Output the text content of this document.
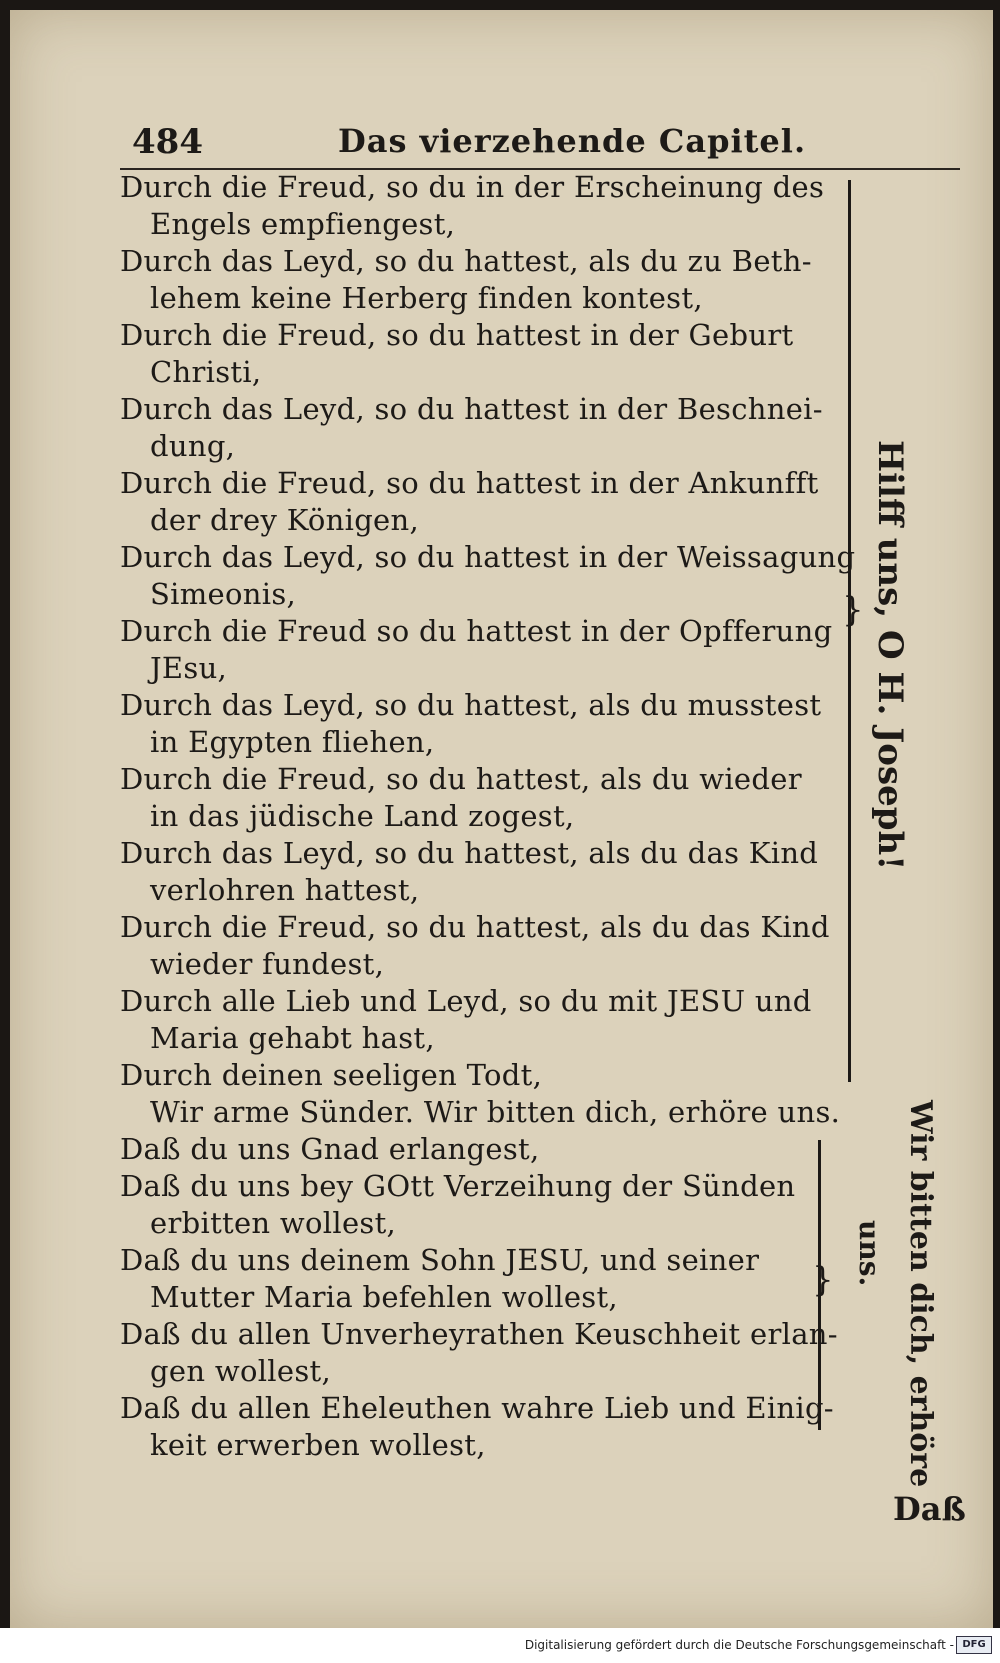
484	Das vierzehende Capitel.
Durch die Freud, so du in der Erscheinung des
Engels empfiengest,
Durch das Leyd, so du hattest, als du zu Beth-
lehem keine Herberg finden kontest,
Durch die Freud, so du hattest in der Geburt
Christi,
Durch das Leyd, so du hattest in der Beschnei-
dung,
Durch die Freud, so du hattest in der Ankunfft
der drey Königen,
Durch das Leyd, so du hattest in der Weissagung
Simeonis,
Durch die Freud so du hattest in der Opfferung
JEsu,
Durch das Leyd, so du hattest, als du musstest
in Egypten fliehen,
Durch die Freud, so du hattest, als du wieder
in das jüdische Land zogest,
Durch das Leyd, so du hattest, als du das Kind
verlohren hattest,
Durch die Freud, so du hattest, als du das Kind
wieder fundest,
Durch alle Lieb und Leyd, so du mit JESU und
Maria gehabt hast,
Durch deinen seeligen Todt,
Wir arme Sünder. Wir bitten dich, erhöre uns.
Daß du uns Gnad erlangest,
Daß du uns bey GOtt Verzeihung der Sünden
erbitten wollest,
Daß du uns deinem Sohn JESU, und seiner
Mutter Maria befehlen wollest,
Daß du allen Unverheyrathen Keuschheit erlan-
gen wollest,
Daß du allen Eheleuthen wahre Lieb und Einig-
keit erwerben wollest,
}
}
Hilff uns, O H. Joseph!
Wir bitten dich, erhöre
uns.
Daß
Digitalisierung gefördert durch die Deutsche Forschungsgemeinschaft - DFG
